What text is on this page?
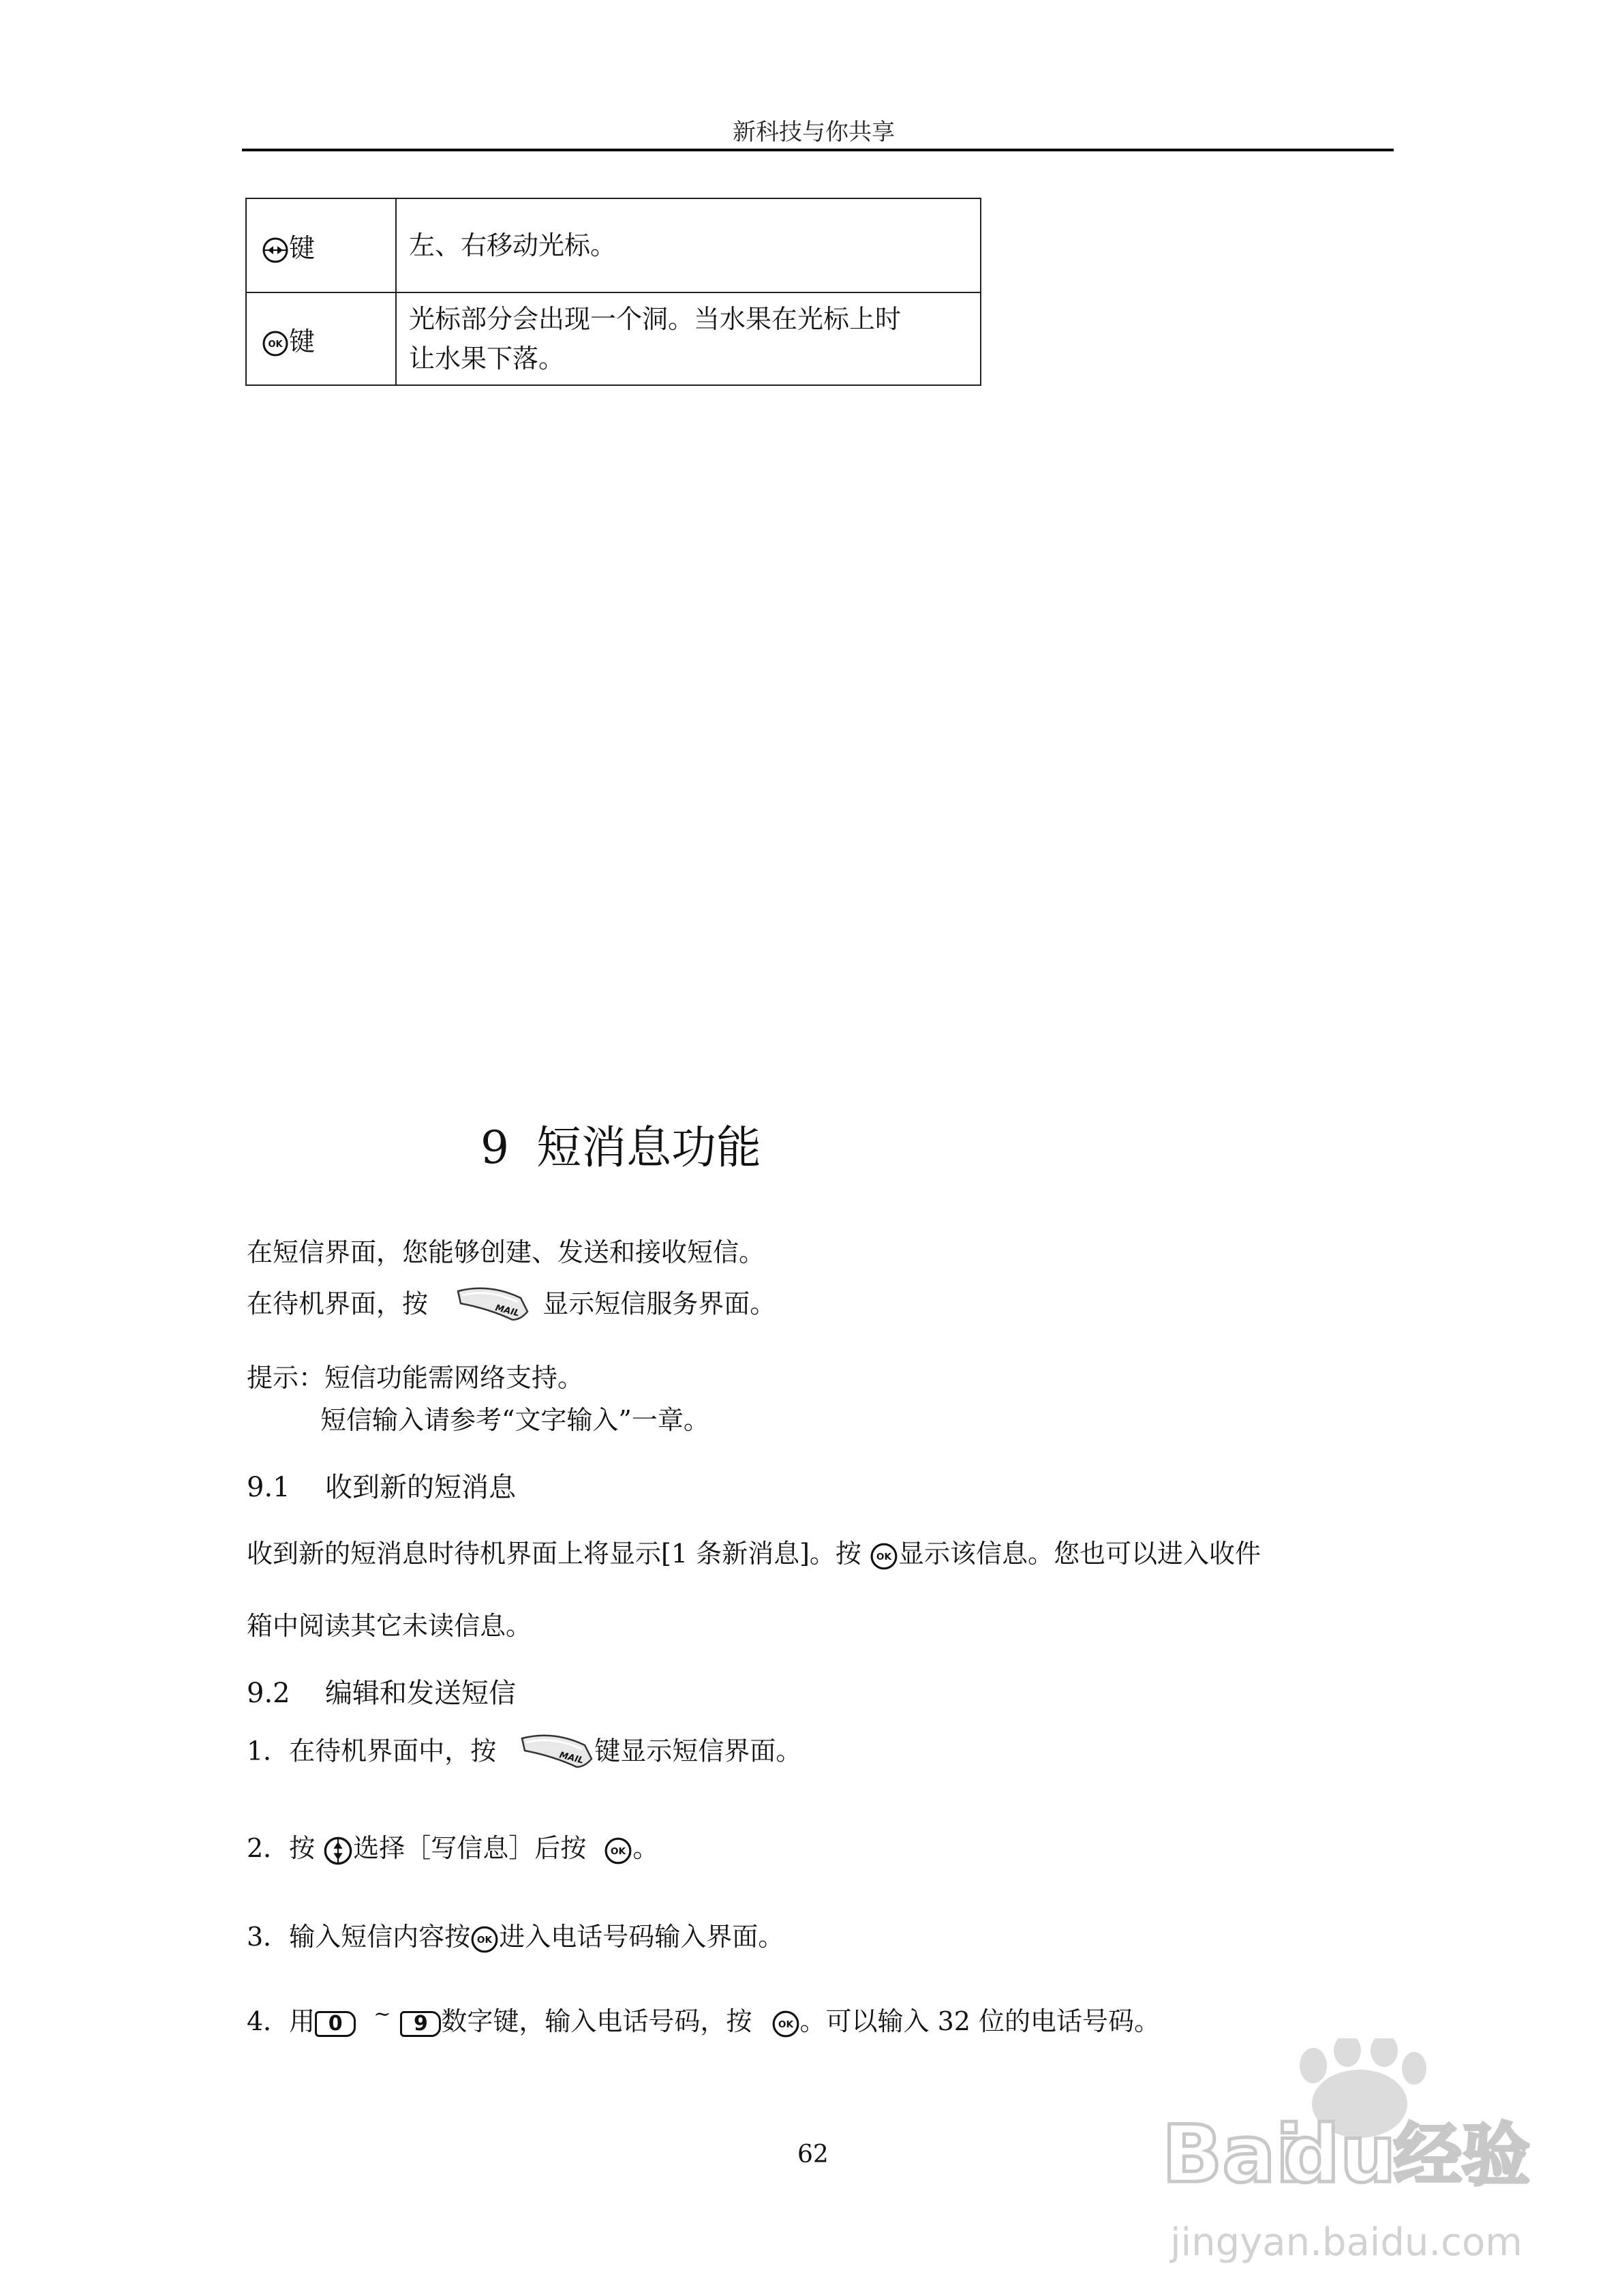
新科技与你共享
键	左、右移动光标。

OK 键	光标部分会出现一个洞。当水果在光标上时
让水果下落。
9 短消息功能
在短信界面，您能够创建、发送和接收短信。
在待机界面，按	MAIL 显示短信服务界面。
提示：短信功能需网络支持。
短信输入请参考“文字输入”一章。
9.1 收到新的短消息
收到新的短消息时待机界面上将显示[1 条新消息]。按 OK 显示该信息。您也可以进入收件
箱中阅读其它未读信息。
9.2 编辑和发送短信
1．在待机界面中，按	MAIL 键显示短信界面。
2．按 选择［写信息］后按	OK 。
3．输入短信内容按 OK 进入电话号码输入界面。
4．用 0 ~ 9 数字键，输入电话号码，按	OK 。可以输入 32 位的电话号码。
62	Bai
du
经验
jingyan.baidu.com
